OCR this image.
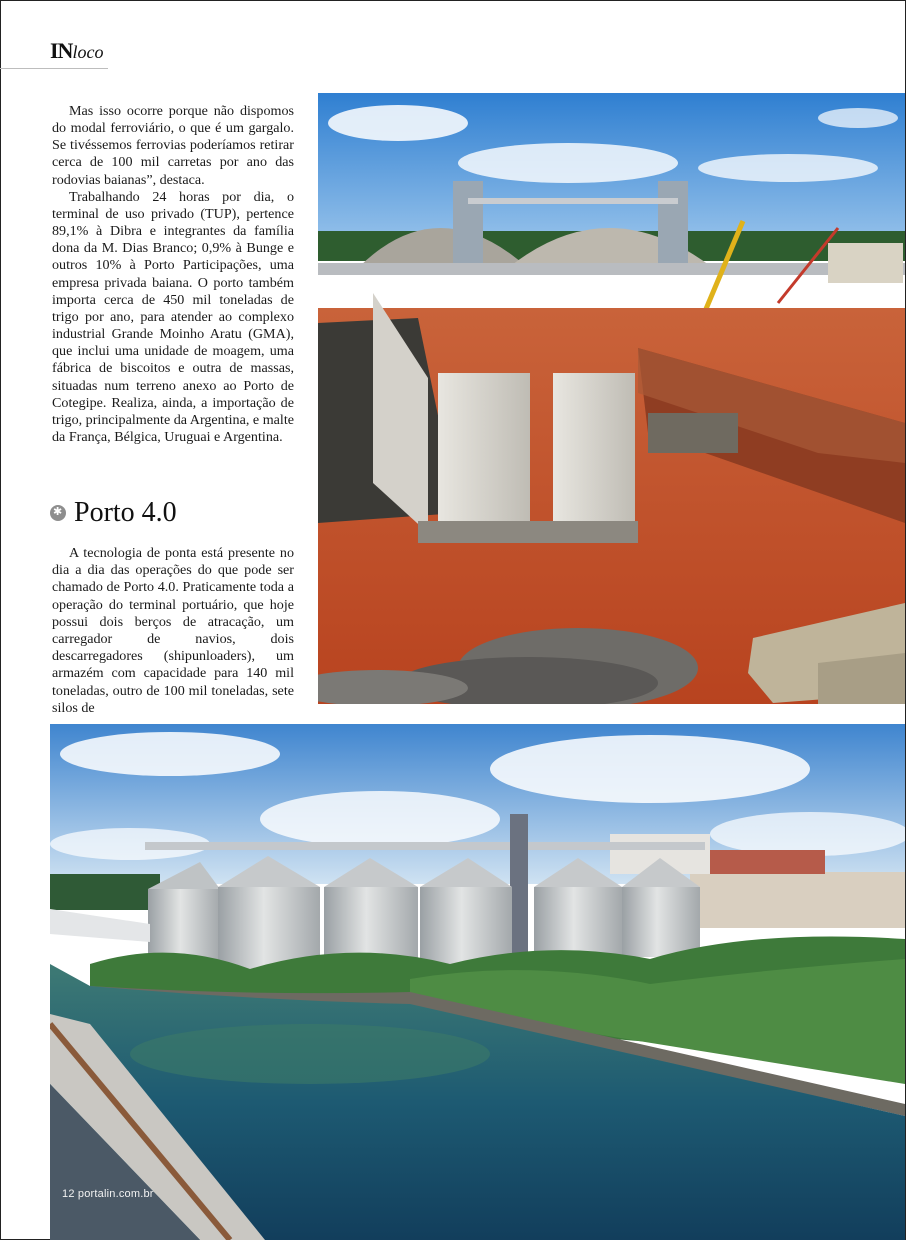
INloco

Mas isso ocorre porque não dispomos do modal ferroviário, o que é um gargalo. Se tivéssemos ferrovias poderíamos retirar cerca de 100 mil carretas por ano das rodovias baianas”, destaca.

Trabalhando 24 horas por dia, o terminal de uso privado (TUP), pertence 89,1% à Dibra e integrantes da família dona da M. Dias Branco; 0,9% à Bunge e outros 10% à Porto Participações, uma empresa privada baiana. O porto também importa cerca de 450 mil toneladas de trigo por ano, para atender ao complexo industrial Grande Moinho Aratu (GMA), que inclui uma unidade de moagem, uma fábrica de biscoitos e outra de massas, situadas num terreno anexo ao Porto de Cotegipe. Realiza, ainda, a importação de trigo, principalmente da Argentina, e malte da França, Bélgica, Uruguai e Argentina.

✱
Porto 4.0

A tecnologia de ponta está presente no dia a dia das operações do que pode ser chamado de Porto 4.0. Praticamente toda a operação do terminal portuário, que hoje possui dois berços de atracação, um carregador de navios, dois descarregadores (shipunloaders), um armazém com capacidade para 140 mil toneladas, outro de 100 mil toneladas, sete silos de

12 portalin.com.br
